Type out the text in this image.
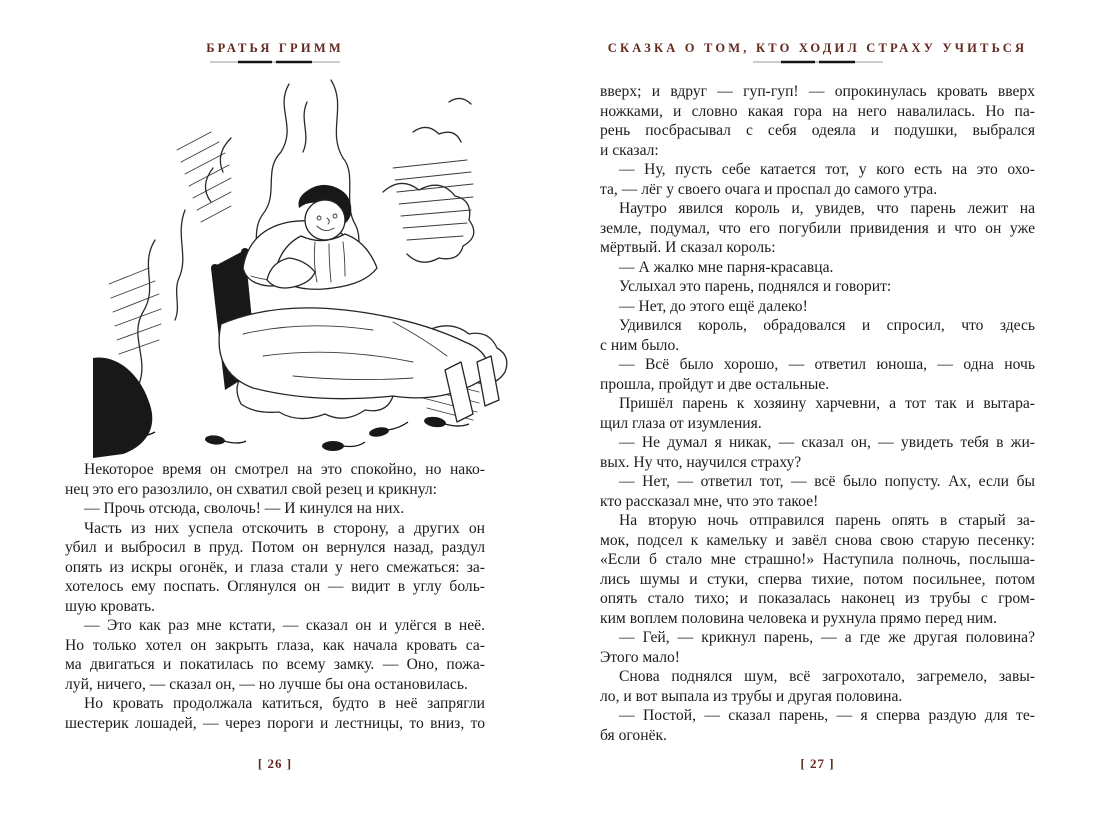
БРАТЬЯ ГРИММ
Некоторое время он смотрел на это спокойно, но нако-
нец это его разозлило, он схватил свой резец и крикнул:
— Прочь отсюда, сволочь! — И кинулся на них.
Часть из них успела отскочить в сторону, а других он
убил и выбросил в пруд. Потом он вернулся назад, раздул
опять из искры огонёк, и глаза стали у него смежаться: за-
хотелось ему поспать. Оглянулся он — видит в углу боль-
шую кровать.
— Это как раз мне кстати, — сказал он и улёгся в неё.
Но только хотел он закрыть глаза, как начала кровать са-
ма двигаться и покатилась по всему замку. — Оно, пожа-
луй, ничего, — сказал он, — но лучше бы она остановилась.
Но кровать продолжала катиться, будто в неё запрягли
шестерик лошадей, — через пороги и лестницы, то вниз, то
[ 26 ]
СКАЗКА О ТОМ, КТО ХОДИЛ СТРАХУ УЧИТЬСЯ
вверх; и вдруг — гуп-гуп! — опрокинулась кровать вверх
ножками, и словно какая гора на него навалилась. Но па-
рень посбрасывал с себя одеяла и подушки, выбрался
и сказал:
— Ну, пусть себе катается тот, у кого есть на это охо-
та, — лёг у своего очага и проспал до самого утра.
Наутро явился король и, увидев, что парень лежит на
земле, подумал, что его погубили привидения и что он уже
мёртвый. И сказал король:
— А жалко мне парня-красавца.
Услыхал это парень, поднялся и говорит:
— Нет, до этого ещё далеко!
Удивился король, обрадовался и спросил, что здесь
с ним было.
— Всё было хорошо, — ответил юноша, — одна ночь
прошла, пройдут и две остальные.
Пришёл парень к хозяину харчевни, а тот так и вытара-
щил глаза от изумления.
— Не думал я никак, — сказал он, — увидеть тебя в жи-
вых. Ну что, научился страху?
— Нет, — ответил тот, — всё было попусту. Ах, если бы
кто рассказал мне, что это такое!
На вторую ночь отправился парень опять в старый за-
мок, подсел к камельку и завёл снова свою старую песенку:
«Если б стало мне страшно!» Наступила полночь, послыша-
лись шумы и стуки, сперва тихие, потом посильнее, потом
опять стало тихо; и показалась наконец из трубы с гром-
ким воплем половина человека и рухнула прямо перед ним.
— Гей, — крикнул парень, — а где же другая половина?
Этого мало!
Снова поднялся шум, всё загрохотало, загремело, завы-
ло, и вот выпала из трубы и другая половина.
— Постой, — сказал парень, — я сперва раздую для те-
бя огонёк.
[ 27 ]
